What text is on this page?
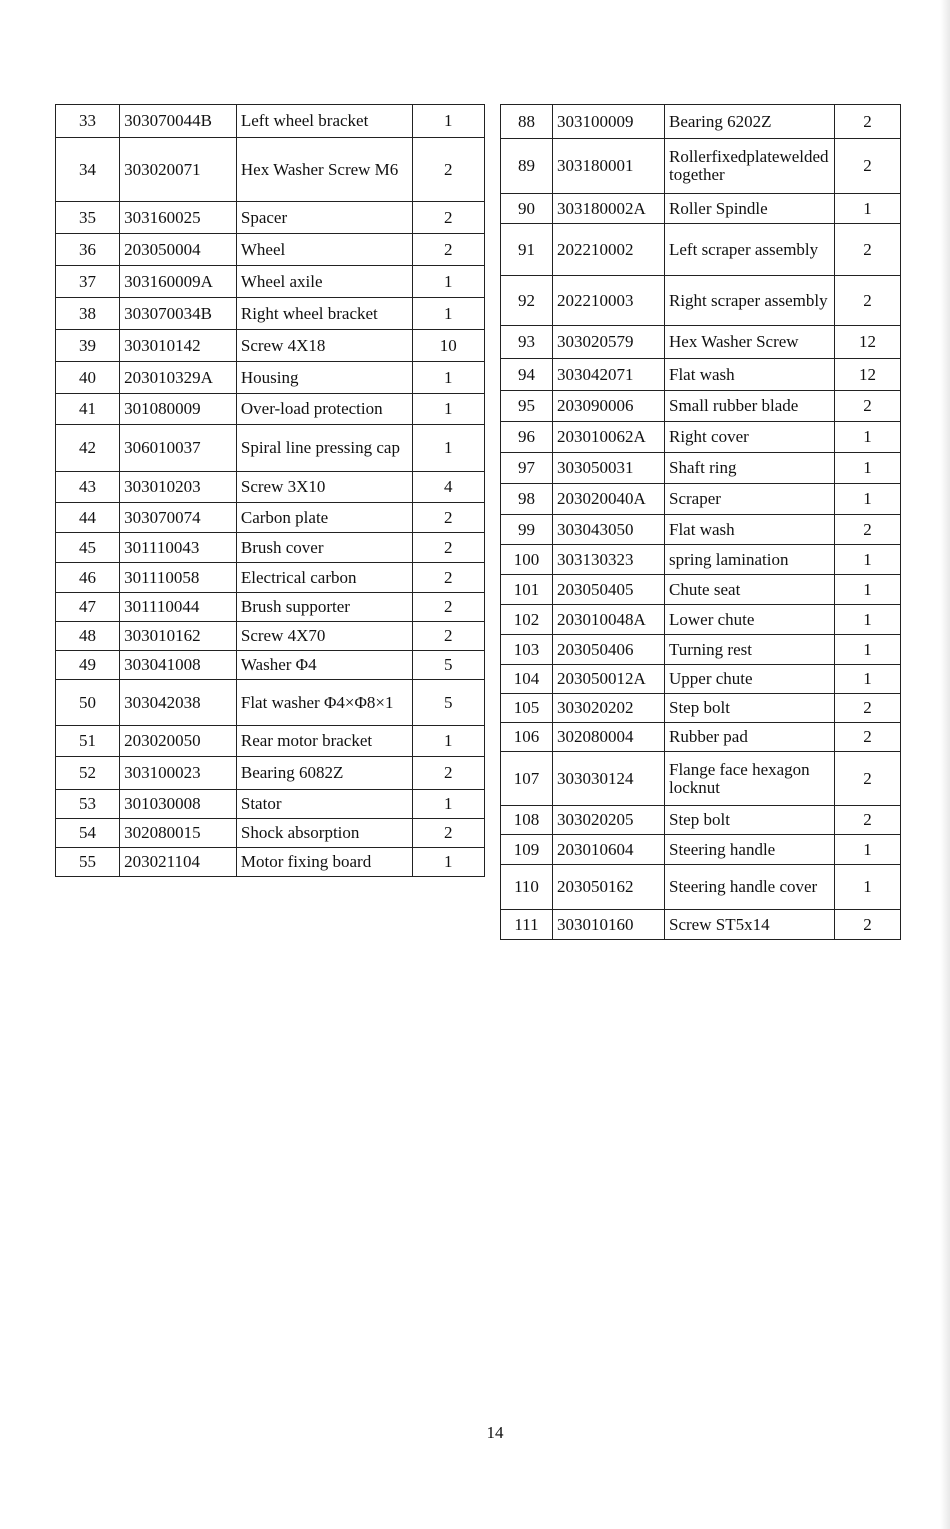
33	303070044B	Left wheel bracket	1
34	303020071	Hex Washer Screw M6	2
35	303160025	Spacer	2
36	203050004	Wheel	2
37	303160009A	Wheel axile	1
38	303070034B	Right wheel bracket	1
39	303010142	Screw 4X18	10
40	203010329A	Housing	1
41	301080009	Over-load protection	1
42	306010037	Spiral line pressing cap	1
43	303010203	Screw 3X10	4
44	303070074	Carbon plate	2
45	301110043	Brush cover	2
46	301110058	Electrical carbon	2
47	301110044	Brush supporter	2
48	303010162	Screw 4X70	2
49	303041008	Washer Φ4	5
50	303042038	Flat washer Φ4×Φ8×1	5
51	203020050	Rear motor bracket	1
52	303100023	Bearing 6082Z	2
53	301030008	Stator	1
54	302080015	Shock absorption	2
55	203021104	Motor fixing board	1
88	303100009	Bearing 6202Z	2
89	303180001	Rollerfixedplatewelded together	2
90	303180002A	Roller Spindle	1
91	202210002	Left scraper assembly	2
92	202210003	Right scraper assembly	2
93	303020579	Hex Washer Screw	12
94	303042071	Flat wash	12
95	203090006	Small rubber blade	2
96	203010062A	Right cover	1
97	303050031	Shaft ring	1
98	203020040A	Scraper	1
99	303043050	Flat wash	2
100	303130323	spring lamination	1
101	203050405	Chute seat	1
102	203010048A	Lower chute	1
103	203050406	Turning rest	1
104	203050012A	Upper chute	1
105	303020202	Step bolt	2
106	302080004	Rubber pad	2
107	303030124	Flange face hexagon locknut	2
108	303020205	Step bolt	2
109	203010604	Steering handle	1
110	203050162	Steering handle cover	1
111	303010160	Screw ST5x14	2
14
